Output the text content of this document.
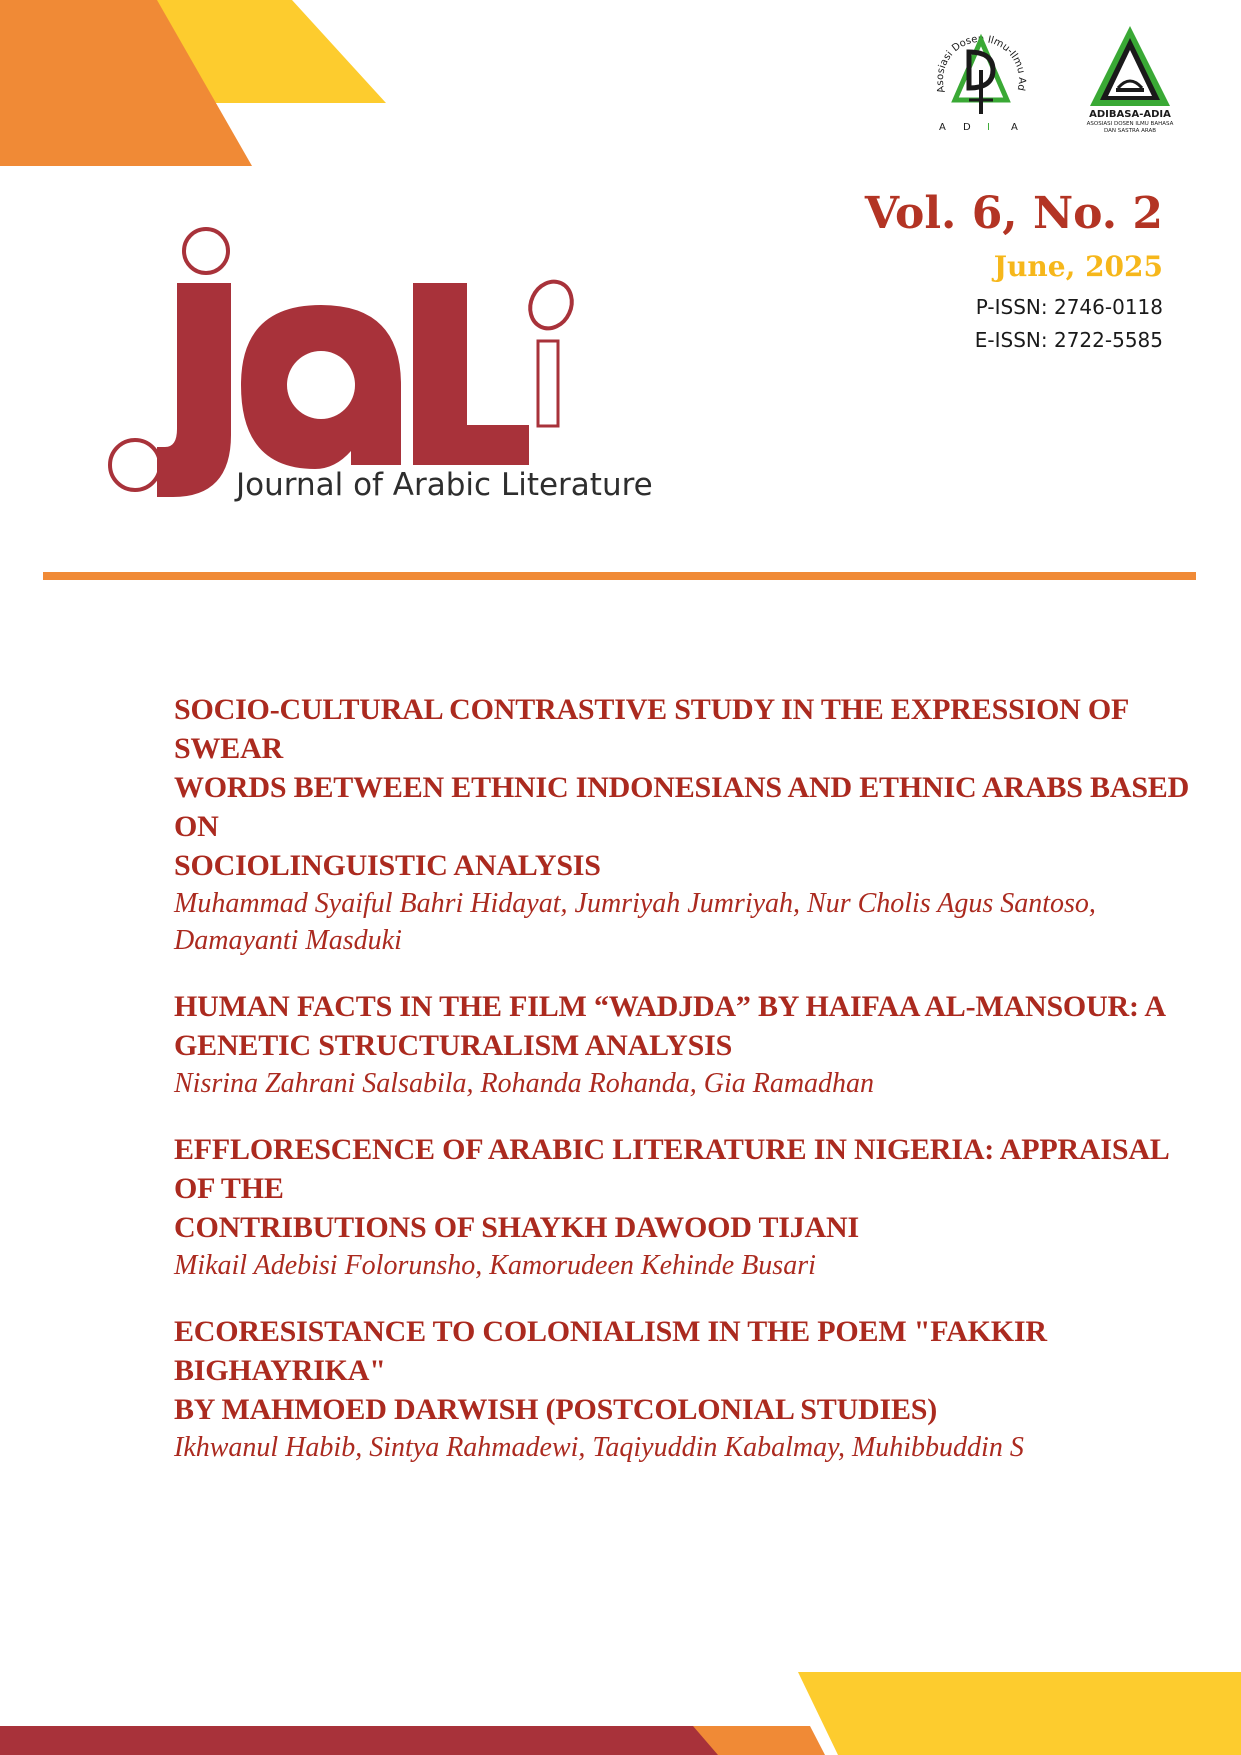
Asosiasi Dosen Ilmu-Ilmu Ad
A D I A
ADIBASA-ADIA
ASOSIASI DOSEN ILMU BAHASA
DAN SASTRA ARAB
Journal of Arabic Literature
Vol. 6, No. 2
June, 2025
P-ISSN: 2746-0118
E-ISSN: 2722-5585
SOCIO-CULTURAL CONTRASTIVE STUDY IN THE EXPRESSION OF SWEAR
WORDS BETWEEN ETHNIC INDONESIANS AND ETHNIC ARABS BASED ON
SOCIOLINGUISTIC ANALYSIS
Muhammad Syaiful Bahri Hidayat, Jumriyah Jumriyah, Nur Cholis Agus Santoso,
Damayanti Masduki
HUMAN FACTS IN THE FILM “WADJDA” BY HAIFAA AL-MANSOUR: A
GENETIC STRUCTURALISM ANALYSIS
Nisrina Zahrani Salsabila, Rohanda Rohanda, Gia Ramadhan
EFFLORESCENCE OF ARABIC LITERATURE IN NIGERIA: APPRAISAL OF THE
CONTRIBUTIONS OF SHAYKH DAWOOD TIJANI
Mikail Adebisi Folorunsho, Kamorudeen Kehinde Busari
ECORESISTANCE TO COLONIALISM IN THE POEM "FAKKIR BIGHAYRIKA"
BY MAHMOED DARWISH (POSTCOLONIAL STUDIES)
Ikhwanul Habib, Sintya Rahmadewi, Taqiyuddin Kabalmay, Muhibbuddin S
